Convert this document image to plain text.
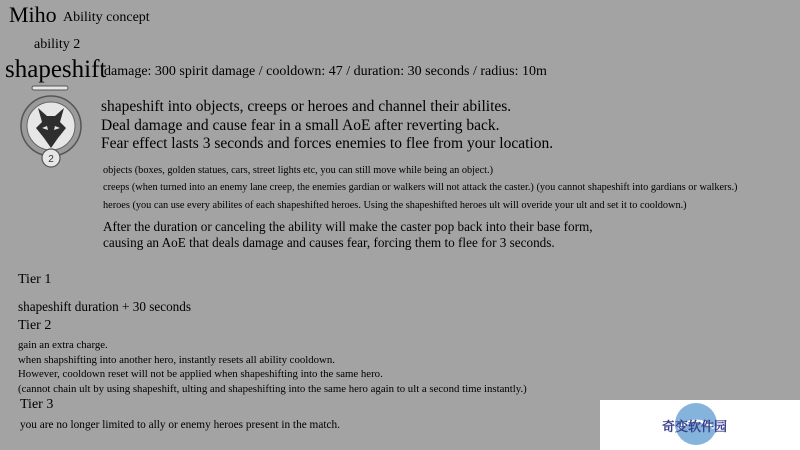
Miho Ability concept
ability 2
shapeshift
damage: 300 spirit damage / cooldown: 47 / duration: 30 seconds / radius: 10m
2
shapeshift into objects, creeps or heroes and channel their abilites.
Deal damage and cause fear in a small AoE after reverting back.
Fear effect lasts 3 seconds and forces enemies to flee from your location.
objects (boxes, golden statues, cars, street lights etc, you can still move while being an object.)
creeps (when turned into an enemy lane creep, the enemies gardian or walkers will not attack the caster.) (you cannot shapeshift into gardians or walkers.)
heroes (you can use every abilites of each shapeshifted heroes. Using the shapeshifted heroes ult will overide your ult and set it to cooldown.)
After the duration or canceling the ability will make the caster pop back into their base form,
causing an AoE that deals damage and causes fear, forcing them to flee for 3 seconds.
Tier 1
shapeshift duration + 30 seconds
Tier 2
gain an extra charge.
when shapshifting into another hero, instantly resets all ability cooldown.
However, cooldown reset will not be applied when shapeshifting into the same hero.
(cannot chain ult by using shapeshift, ulting and shapeshifting into the same hero again to ult a second time instantly.)
Tier 3
you are no longer limited to ally or enemy heroes present in the match.	奇变软件园
